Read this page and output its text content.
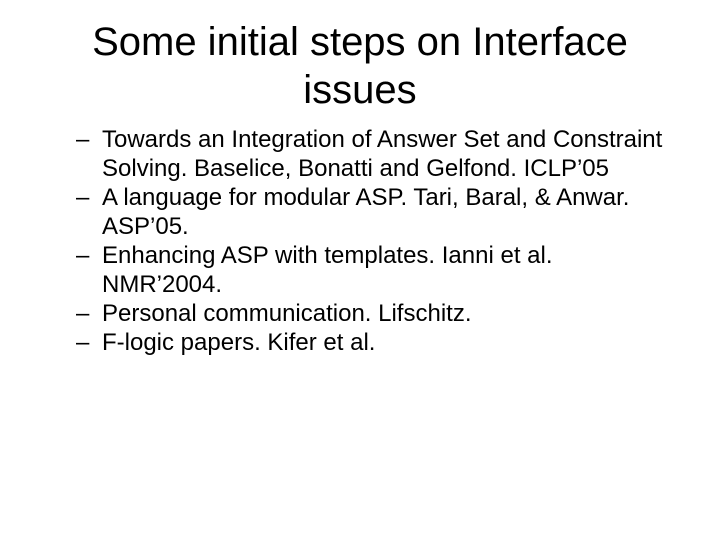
Some initial steps on Interface issues
– Towards an Integration of Answer Set and Constraint Solving. Baselice, Bonatti and Gelfond. ICLP’05
– A language for modular ASP. Tari, Baral, & Anwar. ASP’05.
– Enhancing ASP with templates. Ianni et al. NMR’2004.
– Personal communication. Lifschitz.
– F-logic papers. Kifer et al.
